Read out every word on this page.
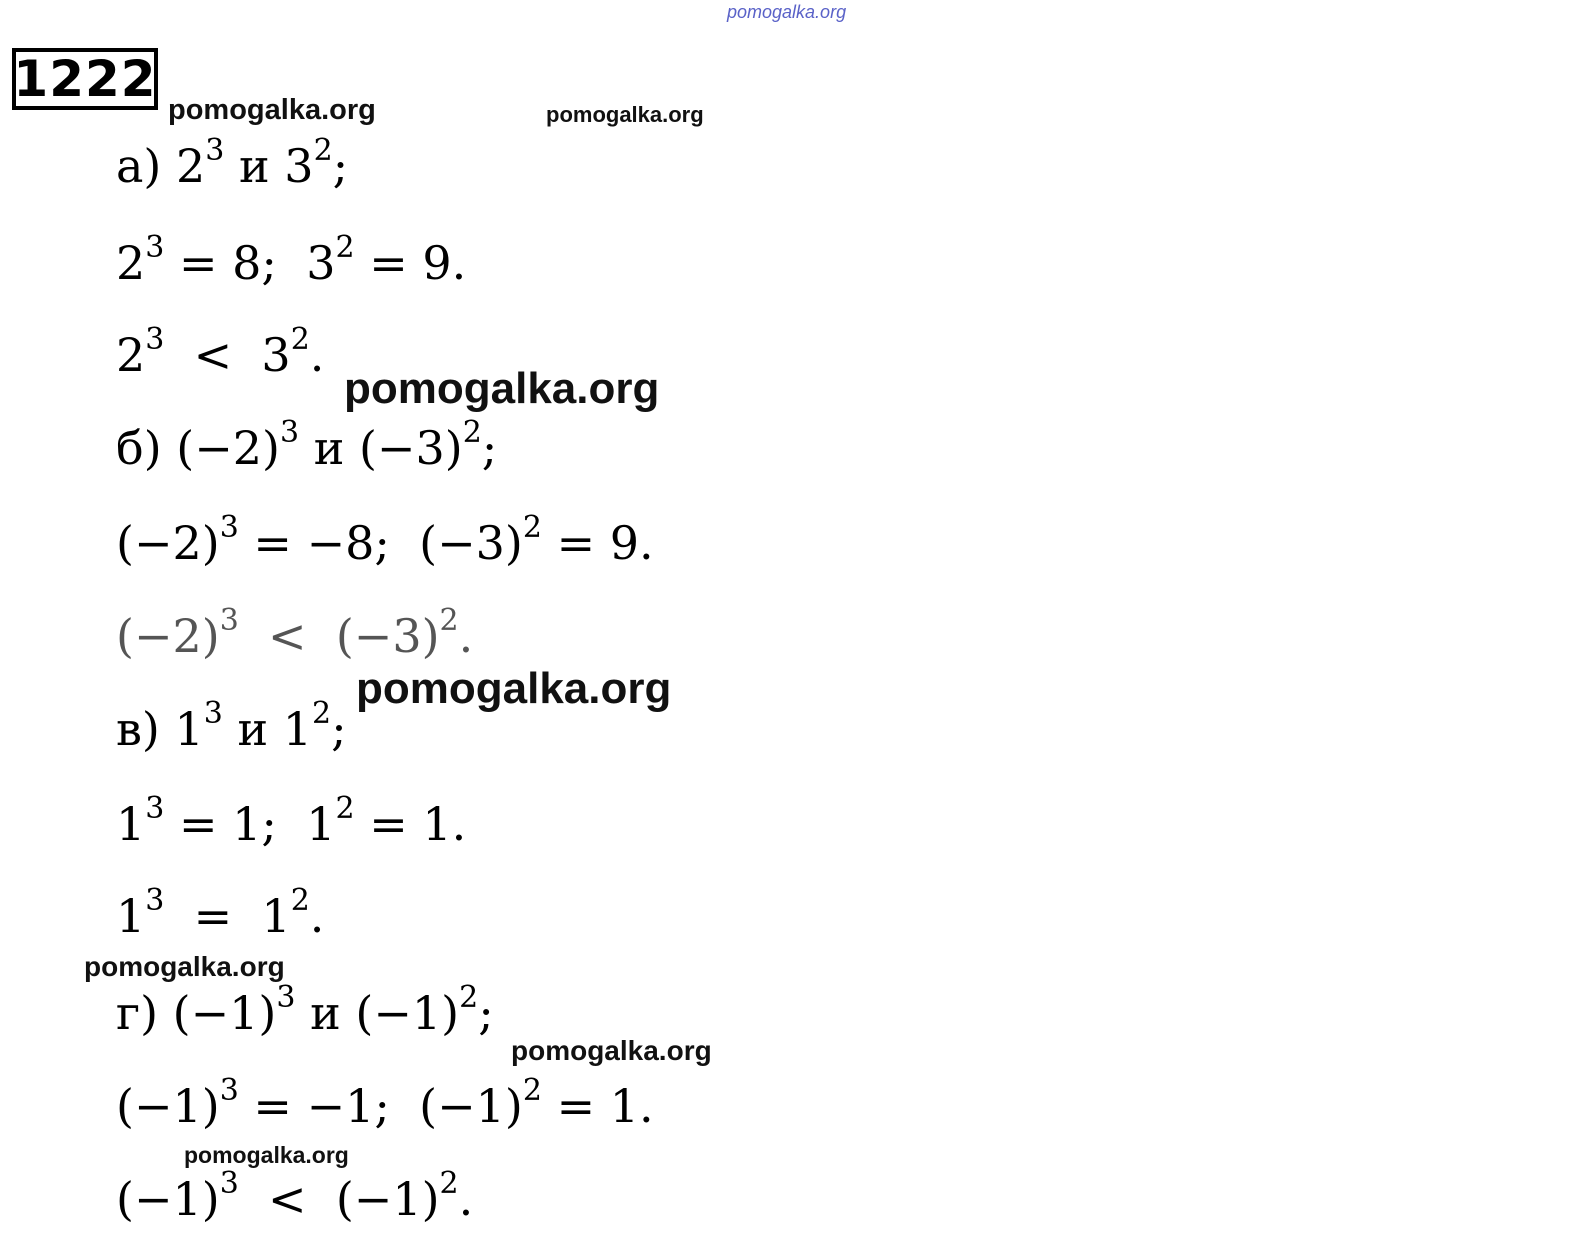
pomogalka.org
1222
pomogalka.org	pomogalka.org
pomogalka.org
pomogalka.org
pomogalka.org
pomogalka.org
pomogalka.org
а) $2^3$ и $3^2$;
$2^3 = 8$; $3^2 = 9$.
$2^3 < 3^2$.
б) $(-2)^3$ и $(-3)^2$;
$(-2)^3 = -8$; $(-3)^2 = 9$.
$(-2)^3 < (-3)^2$.
в) $1^3$ и $1^2$;
$1^3 = 1$; $1^2 = 1$.
$1^3 = 1^2$.
г) $(-1)^3$ и $(-1)^2$;
$(-1)^3 = -1$; $(-1)^2 = 1$.
$(-1)^3 < (-1)^2$.
